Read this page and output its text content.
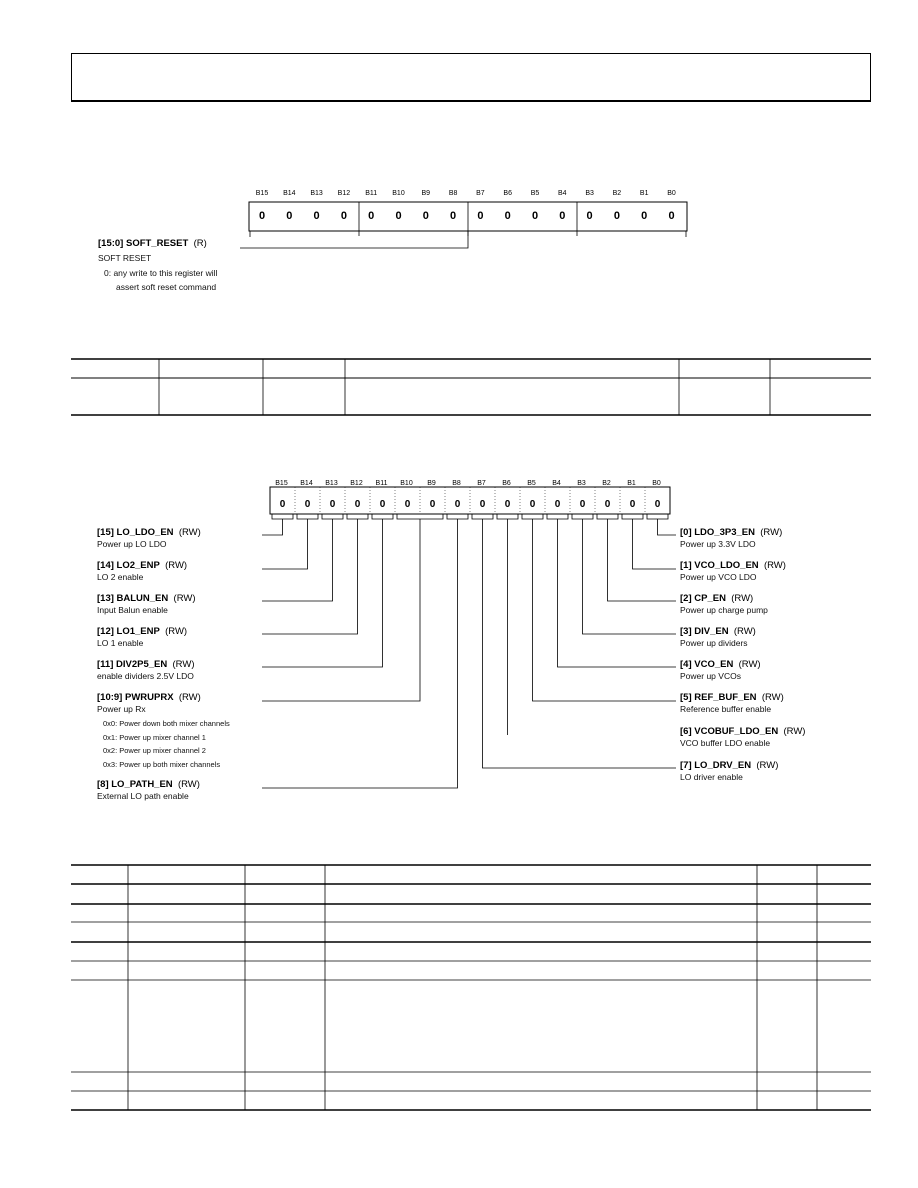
B15	B14	B13	B12	B11	B10	B9	B8	B7	B6	B5	B4	B3	B2	B1	B0
0	0	0	0	0	0	0	0	0	0	0	0	0	0	0	0
[15:0] SOFT_RESET (R)
SOFT RESET
0: any write to this register will
assert soft reset command
B15	B14	B13	B12	B11	B10	B9	B8	B7	B6	B5	B4	B3	B2	B1	B0
0	0	0	0	0	0	0	0	0	0	0	0	0	0	0	0
[15] LO_LDO_EN (RW)
Power up LO LDO
[14] LO2_ENP (RW)
LO 2 enable
[13] BALUN_EN (RW)
Input Balun enable
[12] LO1_ENP (RW)
LO 1 enable
[11] DIV2P5_EN (RW)
enable dividers 2.5V LDO
[10:9] PWRUPRX (RW)
Power up Rx
0x0: Power down both mixer channels
0x1: Power up mixer channel 1
0x2: Power up mixer channel 2
0x3: Power up both mixer channels
[8] LO_PATH_EN (RW)
External LO path enable
[0] LDO_3P3_EN (RW)
Power up 3.3V LDO
[1] VCO_LDO_EN (RW)
Power up VCO LDO
[2] CP_EN (RW)
Power up charge pump
[3] DIV_EN (RW)
Power up dividers
[4] VCO_EN (RW)
Power up VCOs
[5] REF_BUF_EN (RW)
Reference buffer enable
[6] VCOBUF_LDO_EN (RW)
VCO buffer LDO enable
[7] LO_DRV_EN (RW)
LO driver enable
